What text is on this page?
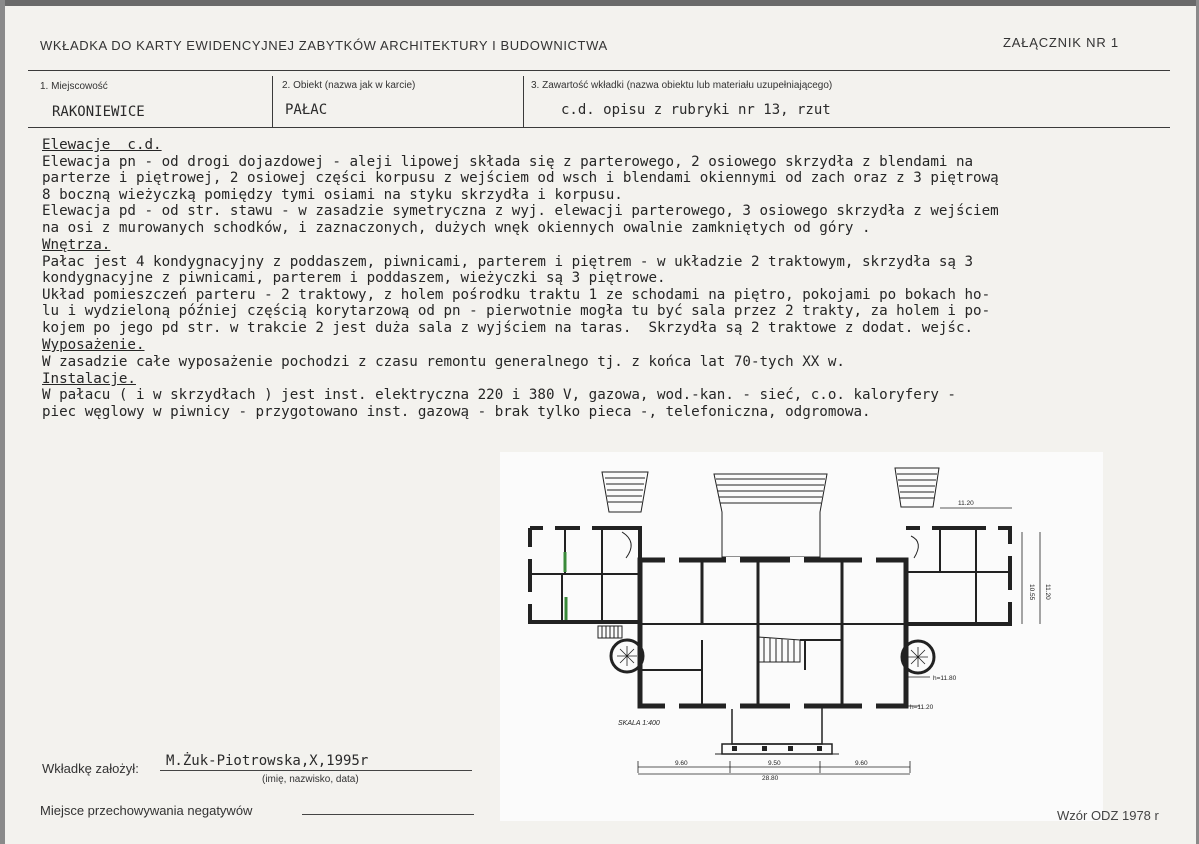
WKŁADKA DO KARTY EWIDENCYJNEJ ZABYTKÓW ARCHITEKTURY I BUDOWNICTWA	ZAŁĄCZNIK NR 1
1. Miejscowość	2. Obiekt (nazwa jak w karcie)	3. Zawartość wkładki (nazwa obiektu lub materiału uzupełniającego)
RAKONIEWICE	PAŁAC	c.d. opisu z rubryki nr 13, rzut
Elewacje  c.d.
Elewacja pn - od drogi dojazdowej - aleji lipowej składa się z parterowego, 2 osiowego skrzydła z blendami na
parterze i piętrowej, 2 osiowej części korpusu z wejściem od wsch i blendami okiennymi od zach oraz z 3 piętrową
8 boczną wieżyczką pomiędzy tymi osiami na styku skrzydła i korpusu.
Elewacja pd - od str. stawu - w zasadzie symetryczna z wyj. elewacji parterowego, 3 osiowego skrzydła z wejściem
na osi z murowanych schodków, i zaznaczonych, dużych wnęk okiennych owalnie zamkniętych od góry .
Wnętrza.
Pałac jest 4 kondygnacyjny z poddaszem, piwnicami, parterem i piętrem - w układzie 2 traktowym, skrzydła są 3
kondygnacyjne z piwnicami, parterem i poddaszem, wieżyczki są 3 piętrowe.
Układ pomieszczeń parteru - 2 traktowy, z holem pośrodku traktu 1 ze schodami na piętro, pokojami po bokach ho-
lu i wydzieloną później częścią korytarzową od pn - pierwotnie mogła tu być sala przez 2 trakty, za holem i po-
kojem po jego pd str. w trakcie 2 jest duża sala z wyjściem na taras.  Skrzydła są 2 traktowe z dodat. wejśc.
Wyposażenie.
W zasadzie całe wyposażenie pochodzi z czasu remontu generalnego tj. z końca lat 70-tych XX w.
Instalacje.
W pałacu ( i w skrzydłach ) jest inst. elektryczna 220 i 380 V, gazowa, wod.-kan. - sieć, c.o. kaloryfery -
piec węglowy w piwnicy - przygotowano inst. gazową - brak tylko pieca -, telefoniczna, odgromowa.
SKALA 1:400
11.20
10.55 11.20
h=11.80
h=11.20
9.60	9.50	9.60
28.80
Wkładkę założył: M.Żuk-Piotrowska,X,1995r
(imię, nazwisko, data)
Miejsce przechowywania negatywów	Wzór ODZ 1978 r
